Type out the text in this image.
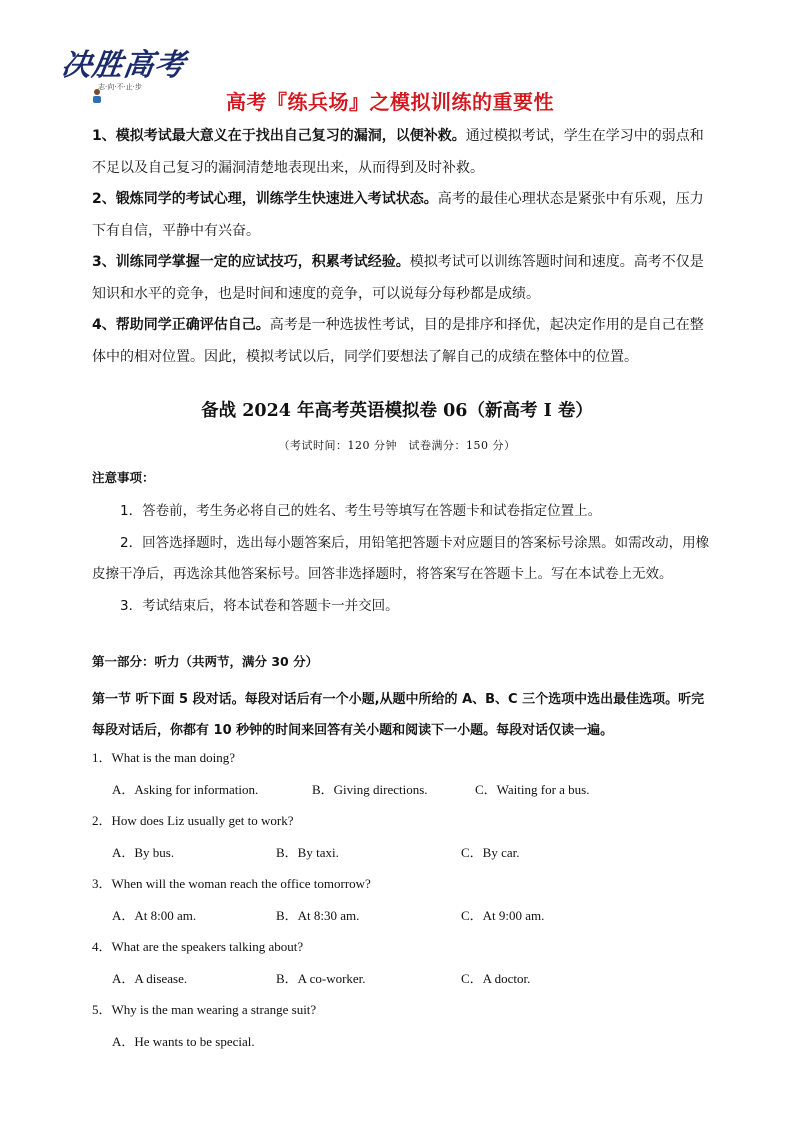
决胜高考
志·向·不·止·步
高考『练兵场』之模拟训练的重要性

1、模拟考试最大意义在于找出自己复习的漏洞，以便补救。通过模拟考试，学生在学习中的弱点和不足以及自己复习的漏洞清楚地表现出来，从而得到及时补救。

2、锻炼同学的考试心理，训练学生快速进入考试状态。高考的最佳心理状态是紧张中有乐观，压力下有自信，平静中有兴奋。

3、训练同学掌握一定的应试技巧，积累考试经验。模拟考试可以训练答题时间和速度。高考不仅是知识和水平的竞争，也是时间和速度的竞争，可以说每分每秒都是成绩。

4、帮助同学正确评估自己。高考是一种选拔性考试，目的是排序和择优，起决定作用的是自己在整体中的相对位置。因此，模拟考试以后，同学们要想法了解自己的成绩在整体中的位置。

备战 2024 年高考英语模拟卷 06（新高考 I 卷）
（考试时间：120 分钟　试卷满分：150 分）
注意事项：

1．答卷前，考生务必将自己的姓名、考生号等填写在答题卡和试卷指定位置上。

2．回答选择题时，选出每小题答案后，用铅笔把答题卡对应题目的答案标号涂黑。如需改动，用橡皮擦干净后，再选涂其他答案标号。回答非选择题时，将答案写在答题卡上。写在本试卷上无效。

3．考试结束后，将本试卷和答题卡一并交回。

第一部分：听力（共两节，满分 30 分）
第一节 听下面 5 段对话。每段对话后有一个小题,从题中所给的 A、B、C 三个选项中选出最佳选项。听完每段对话后，你都有 10 秒钟的时间来回答有关小题和阅读下一小题。每段对话仅读一遍。
1．What is the man doing?
A．Asking for information.	B．Giving directions.	C．Waiting for a bus.
2．How does Liz usually get to work?
A．By bus.	B．By taxi.	C．By car.
3．When will the woman reach the office tomorrow?
A．At 8:00 am.	B．At 8:30 am.	C．At 9:00 am.
4．What are the speakers talking about?
A．A disease.	B．A co-worker.	C．A doctor.
5．Why is the man wearing a strange suit?
A．He wants to be special.
